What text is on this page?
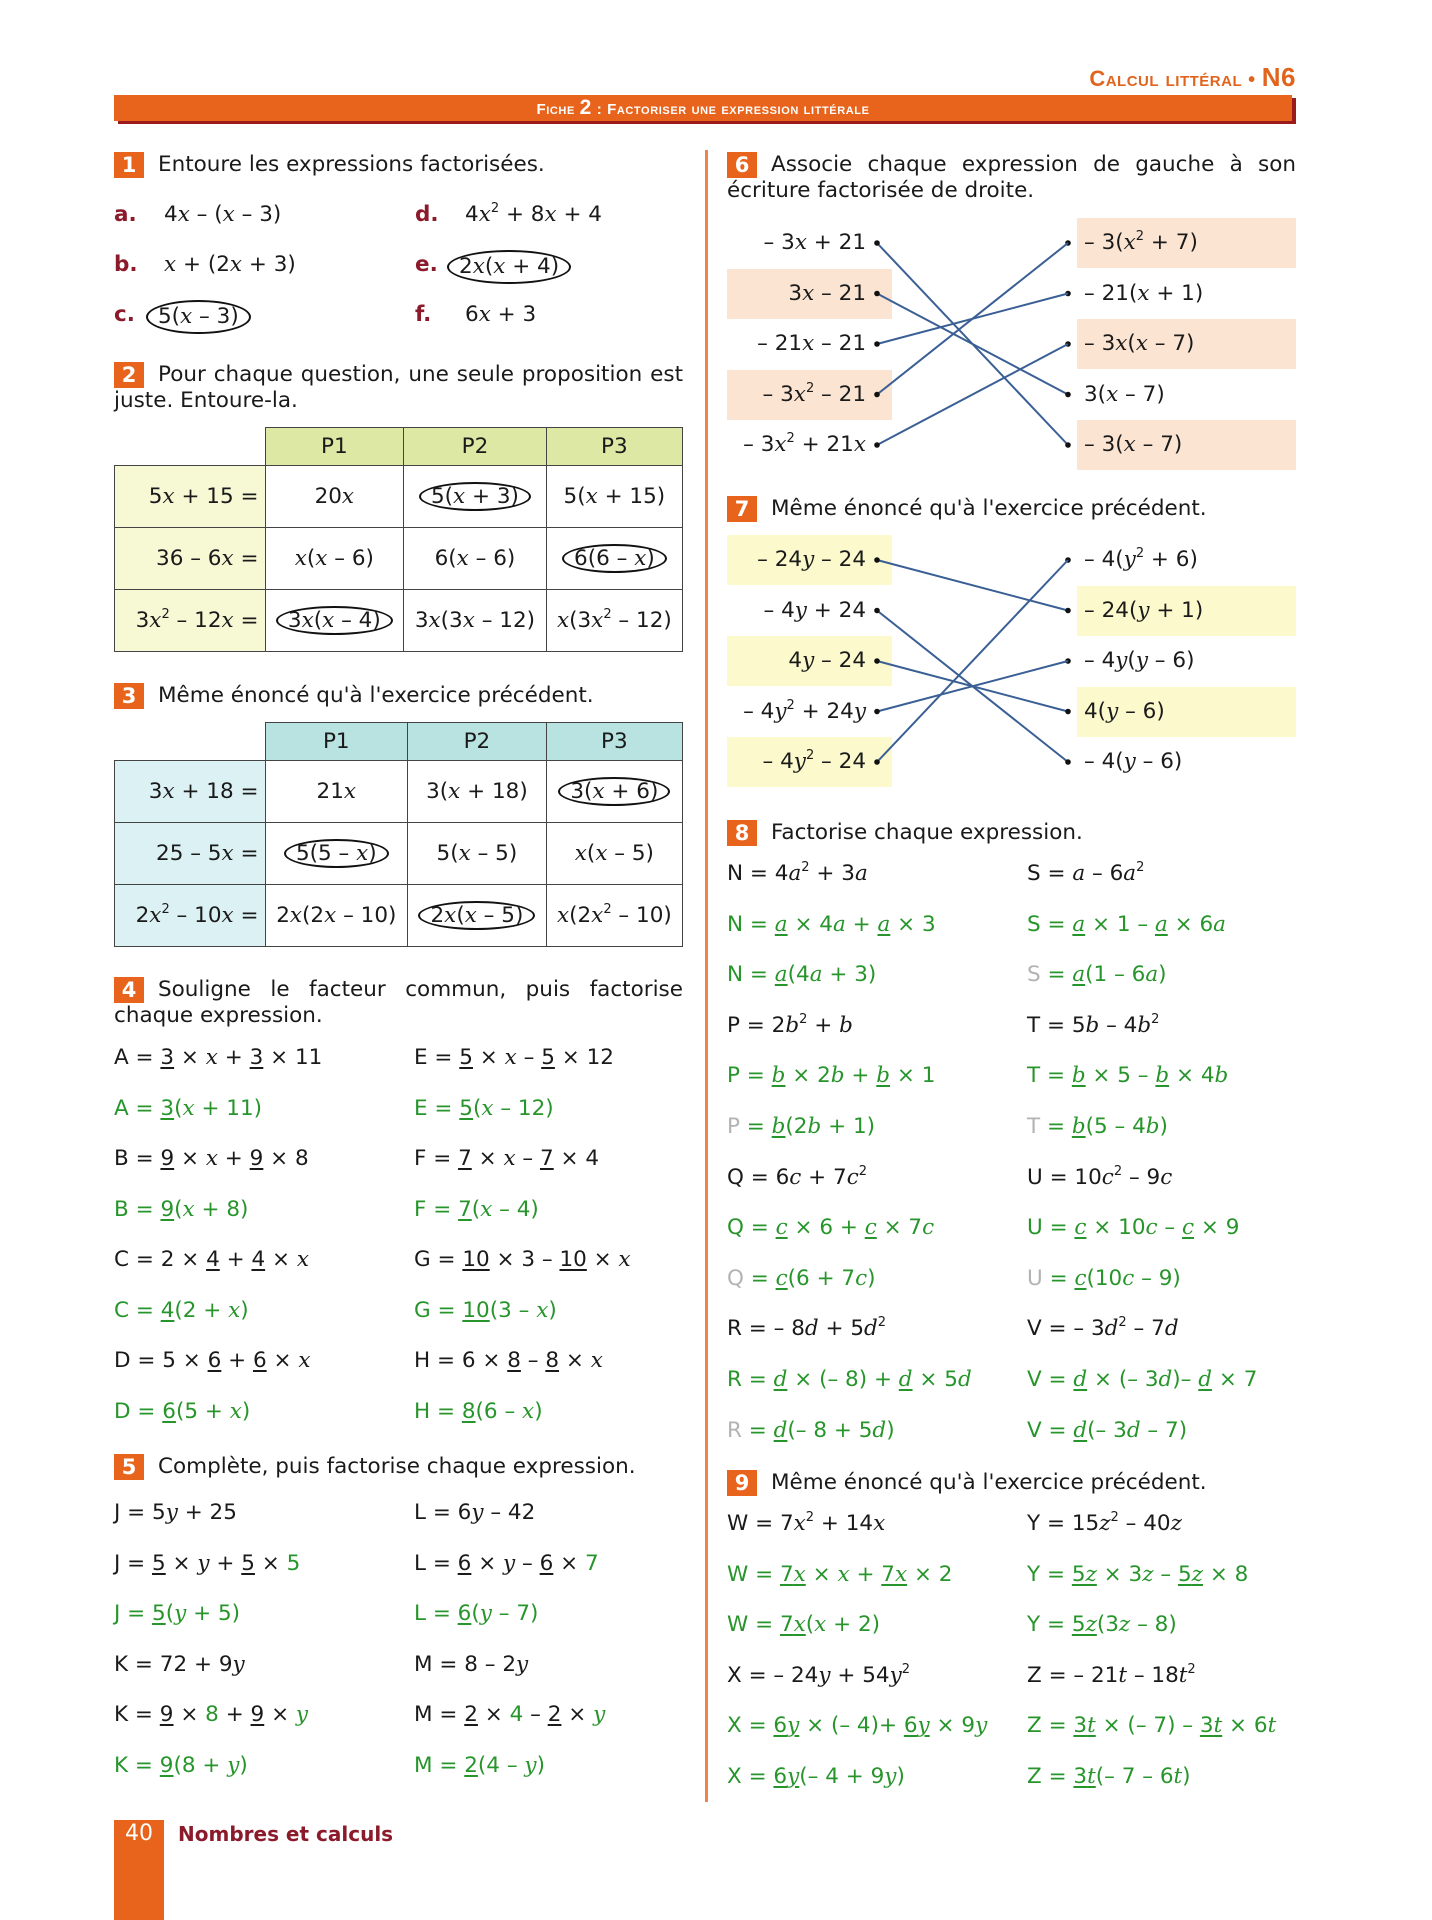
Calcul littéral • N6
Fiche 2 : Factoriser une expression littérale
1 Entoure les expressions factorisées.
a. 4x – (x – 3)
b. x + (2x + 3)
c.	5(x – 3)
d. $4x^2 + 8x + 4$
e. 2x(x + 4)
f. 6x + 3
2 Pour chaque question, une seule proposition est juste. Entoure-la.
	P1	P2	P3
5x + 15 =	20x	5(x + 3)	5(x + 15)
36 – 6x =	x(x – 6)	6(x – 6)	6(6 – x)
$3x^2 - 12x$ =	3x(x – 4)	3x(3x – 12)	$x(3x^2 - 12)$
3 Même énoncé qu'à l'exercice précédent.
	P1	P2	P3
3x + 18 =	21x	3(x + 18)	3(x + 6)
25 – 5x =	5(5 – x)	5(x – 5)	x(x – 5)
$2x^2 - 10x$ =	2x(2x – 10)	2x(x – 5)	$x(2x^2 - 10)$
4 Souligne le facteur commun, puis factorise chaque expression.
A = 3 × x + 3 × 11
A = 3(x + 11)
B = 9 × x + 9 × 8
B = 9(x + 8)
C = 2 × 4 + 4 × x
C = 4(2 + x)
D = 5 × 6 + 6 × x
D = 6(5 + x)
E = 5 × x – 5 × 12
E = 5(x – 12)
F = 7 × x – 7 × 4
F = 7(x – 4)
G = 10 × 3 – 10 × x
G = 10(3 – x)
H = 6 × 8 – 8 × x
H = 8(6 – x)
5 Complète, puis factorise chaque expression.
J = 5y + 25
J = 5 × y + 5 × 5
J = 5(y + 5)
K = 72 + 9y
K = 9 × 8 + 9 × y
K = 9(8 + y)
L = 6y – 42
L = 6 × y – 6 × 7
L = 6(y – 7)
M = 8 – 2y
M = 2 × 4 – 2 × y
M = 2(4 – y)
6 Associe chaque expression de gauche à son écriture factorisée de droite.
– 3x + 21
3x – 21
– 21x – 21
– $3x^2 - 21$
– $3x^2 + 21x$
– $3(x^2 + 7)$
– 21(x + 1)
– 3x(x – 7)
3(x – 7)
– 3(x – 7)
7 Même énoncé qu'à l'exercice précédent.
– 24y – 24
– 4y + 24
4y – 24
– $4y^2 + 24y$
– $4y^2 - 24$
– $4(y^2 + 6)$
– 24(y + 1)
– 4y(y – 6)
4(y – 6)
– 4(y – 6)
8 Factorise chaque expression.
$N = 4a^2 + 3a$
N = a × 4a + a × 3
N = a(4a + 3)
$P = 2b^2 + b$
P = b × 2b + b × 1
P = b(2b + 1)
$Q = 6c + 7c^2$
Q = c × 6 + c × 7c
Q = c(6 + 7c)
R = – $8d + 5d^2$
R = d × (– 8) + d × 5d
R = d(– 8 + 5d)
$S = a - 6a^2$
S = a × 1 – a × 6a
S = a(1 – 6a)
$T = 5b - 4b^2$
T = b × 5 – b × 4b
T = b(5 – 4b)
$U = 10c^2 - 9c$
U = c × 10c – c × 9
U = c(10c – 9)
V = – $3d^2 - 7d$
V = d × (– 3d)– d × 7
V = d(– 3d – 7)
9 Même énoncé qu'à l'exercice précédent.
$W = 7x^2 + 14x$
W = 7x × x + 7x × 2
W = 7x(x + 2)
X = – $24y + 54y^2$
X = 6y × (– 4)+ 6y × 9y
X = 6y(– 4 + 9y)
$Y = 15z^2 - 40z$
Y = 5z × 3z – 5z × 8
Y = 5z(3z – 8)
Z = – $21t - 18t^2$
Z = 3t × (– 7) – 3t × 6t
Z = 3t(– 7 – 6t)
40	Nombres et calculs
